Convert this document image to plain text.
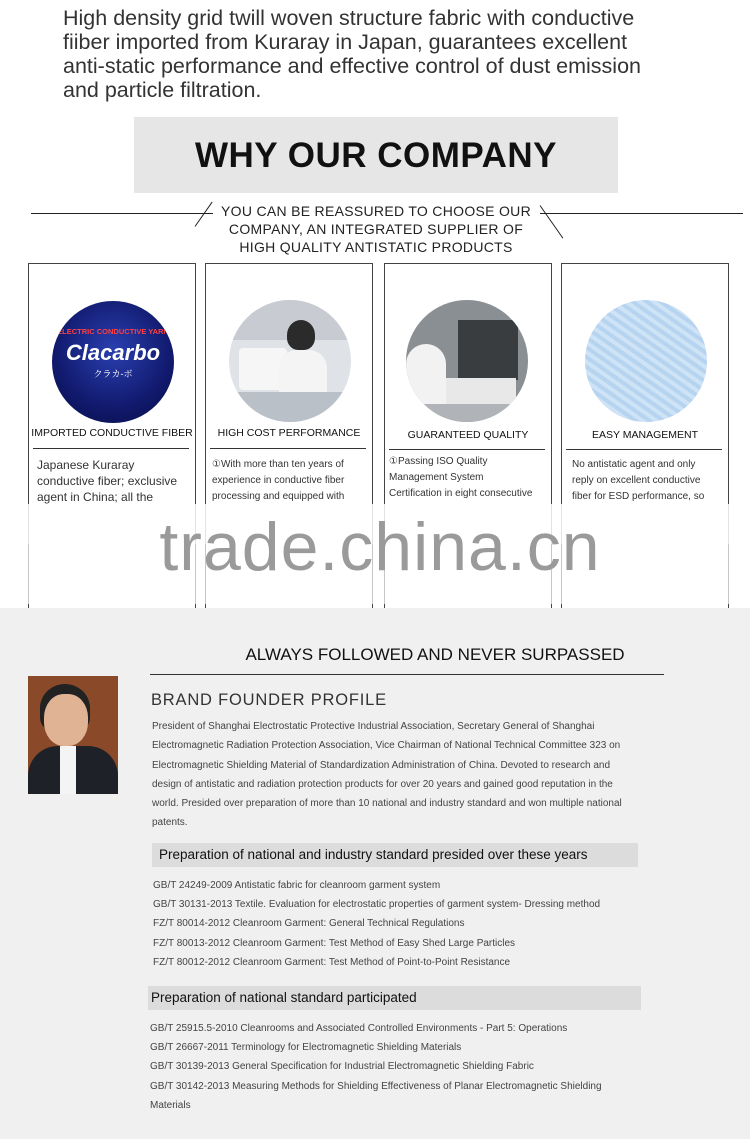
High density grid twill woven structure fabric with conductive
fiiber imported from Kuraray in Japan, guarantees excellent
anti-static performance and effective control of dust emission
and particle filtration.
WHY OUR COMPANY
YOU CAN BE REASSURED TO CHOOSE OUR
COMPANY, AN INTEGRATED SUPPLIER OF
HIGH QUALITY ANTISTATIC PRODUCTS
ELECTRIC CONDUCTIVE YARN
Clacarbo
クラカ-ボ
IMPORTED CONDUCTIVE FIBER
Japanese Kuraray
conductive fiber; exclusive
agent in China; all the
HIGH COST PERFORMANCE
①With more than ten years of
experience in conductive fiber
processing and equipped with
GUARANTEED QUALITY
①Passing ISO Quality
Management System
Certification in eight consecutive
EASY MANAGEMENT
No antistatic agent and only
reply on excellent conductive
fiber for ESD performance, so
trade.china.cn
ALWAYS FOLLOWED AND NEVER SURPASSED
BRAND FOUNDER PROFILE
President of Shanghai Electrostatic Protective Industrial Association, Secretary General of Shanghai
Electromagnetic Radiation Protection Association, Vice Chairman of National Technical Committee 323 on
Electromagnetic Shielding Material of Standardization Administration of China. Devoted to research and
design of antistatic and radiation protection products for over 20 years and gained good reputation in the
world. Presided over preparation of more than 10 national and industry standard and won multiple national
patents.
Preparation of national and industry standard presided over these years
GB/T 24249-2009 Antistatic fabric for cleanroom garment system
GB/T 30131-2013 Textile. Evaluation for electrostatic properties of garment system- Dressing method
FZ/T 80014-2012 Cleanroom Garment: General Technical Regulations
FZ/T 80013-2012 Cleanroom Garment: Test Method of Easy Shed Large Particles
FZ/T 80012-2012 Cleanroom Garment: Test Method of Point-to-Point Resistance
Preparation of national standard participated
GB/T 25915.5-2010 Cleanrooms and Associated Controlled Environments - Part 5: Operations
GB/T 26667-2011 Terminology for Electromagnetic Shielding Materials
GB/T 30139-2013 General Specification for Industrial Electromagnetic Shielding Fabric
GB/T 30142-2013 Measuring Methods for Shielding Effectiveness of Planar Electromagnetic Shielding
Materials
